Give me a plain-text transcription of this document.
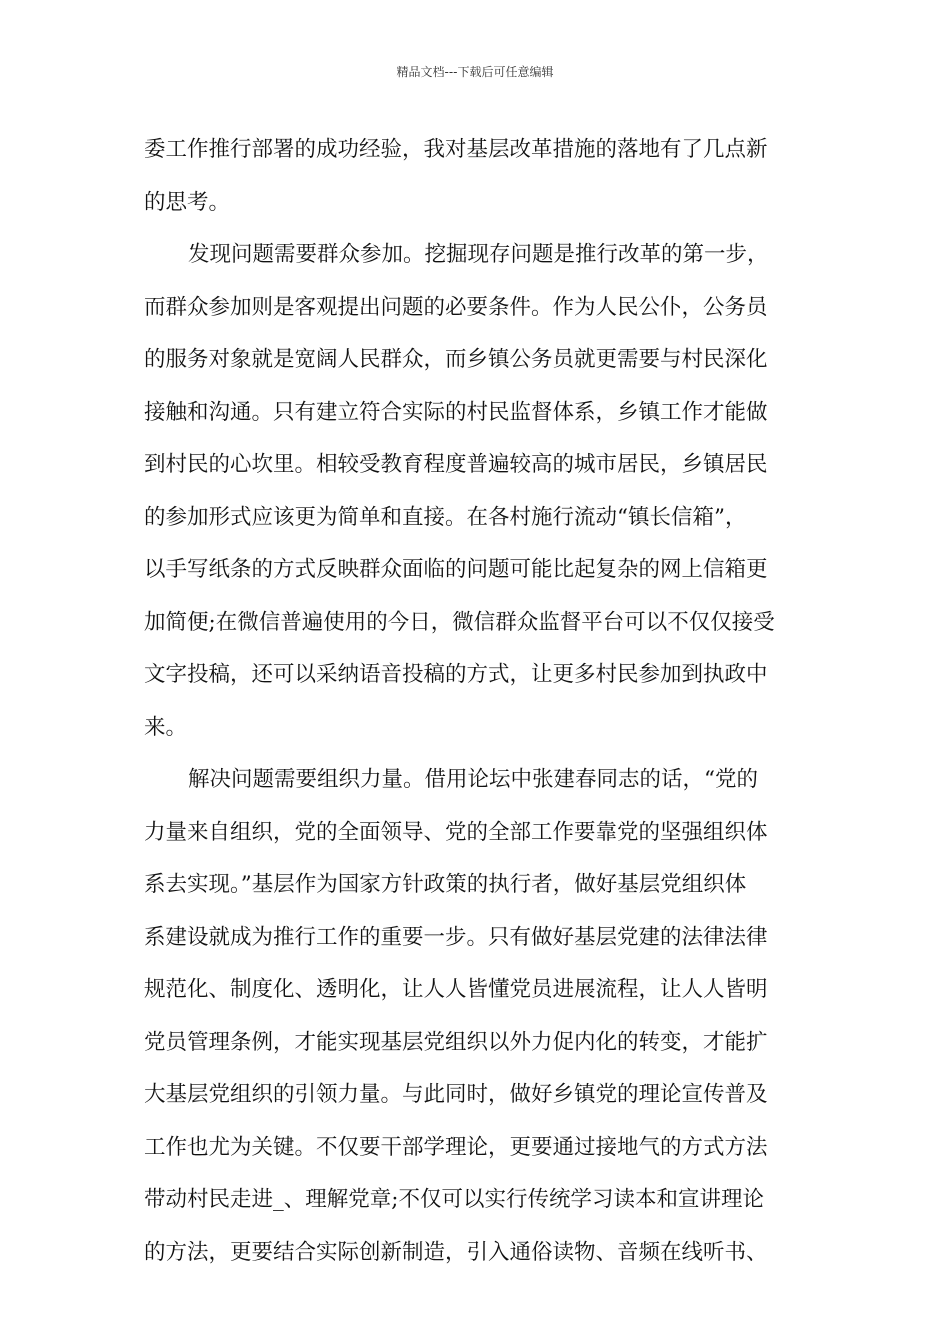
精品文档---下载后可任意编辑
委工作推行部署的成功经验，我对基层改革措施的落地有了几点新
的思考。
发现问题需要群众参加。挖掘现存问题是推行改革的第一步，
而群众参加则是客观提出问题的必要条件。作为人民公仆，公务员
的服务对象就是宽阔人民群众，而乡镇公务员就更需要与村民深化
接触和沟通。只有建立符合实际的村民监督体系，乡镇工作才能做
到村民的心坎里。相较受教育程度普遍较高的城市居民，乡镇居民
的参加形式应该更为简单和直接。在各村施行流动“镇长信箱”，
以手写纸条的方式反映群众面临的问题可能比起复杂的网上信箱更
加简便;在微信普遍使用的今日，微信群众监督平台可以不仅仅接受
文字投稿，还可以采纳语音投稿的方式，让更多村民参加到执政中
来。
解决问题需要组织力量。借用论坛中张建春同志的话，“党的
力量来自组织，党的全面领导、党的全部工作要靠党的坚强组织体
系去实现。”基层作为国家方针政策的执行者，做好基层党组织体
系建设就成为推行工作的重要一步。只有做好基层党建的法律法律
规范化、制度化、透明化，让人人皆懂党员进展流程，让人人皆明
党员管理条例，才能实现基层党组织以外力促内化的转变，才能扩
大基层党组织的引领力量。与此同时，做好乡镇党的理论宣传普及
工作也尤为关键。不仅要干部学理论，更要通过接地气的方式方法
带动村民走进_、理解党章;不仅可以实行传统学习读本和宣讲理论
的方法，更要结合实际创新制造，引入通俗读物、音频在线听书、
